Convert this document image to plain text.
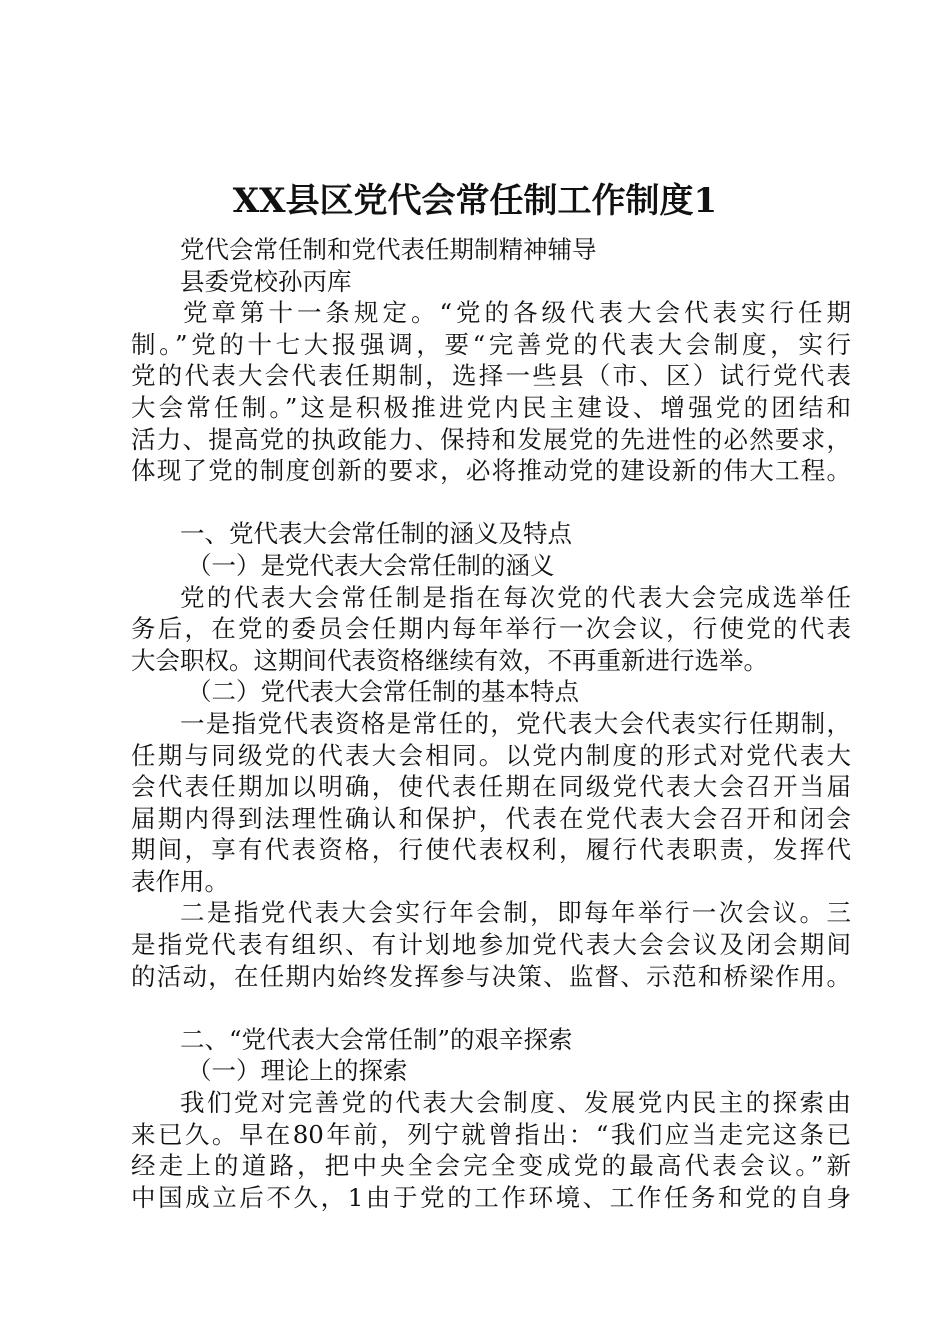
XX县区党代会常任制工作制度1
党代会常任制和党代表任期制精神辅导
县委党校孙丙库
党章第十一条规定。“党的各级代表大会代表实行任期
制。”党的十七大报强调，要“完善党的代表大会制度，实行
党的代表大会代表任期制，选择一些县（市、区）试行党代表
大会常任制。”这是积极推进党内民主建设、增强党的团结和
活力、提高党的执政能力、保持和发展党的先进性的必然要求，
体现了党的制度创新的要求，必将推动党的建设新的伟大工程。
一、党代表大会常任制的涵义及特点
（一）是党代表大会常任制的涵义
党的代表大会常任制是指在每次党的代表大会完成选举任
务后，在党的委员会任期内每年举行一次会议，行使党的代表
大会职权。这期间代表资格继续有效，不再重新进行选举。
（二）党代表大会常任制的基本特点
一是指党代表资格是常任的，党代表大会代表实行任期制，
任期与同级党的代表大会相同。以党内制度的形式对党代表大
会代表任期加以明确，使代表任期在同级党代表大会召开当届
届期内得到法理性确认和保护，代表在党代表大会召开和闭会
期间，享有代表资格，行使代表权利，履行代表职责，发挥代
表作用。
二是指党代表大会实行年会制，即每年举行一次会议。三
是指党代表有组织、有计划地参加党代表大会会议及闭会期间
的活动，在任期内始终发挥参与决策、监督、示范和桥梁作用。
二、“党代表大会常任制”的艰辛探索
（一）理论上的探索
我们党对完善党的代表大会制度、发展党内民主的探索由
来已久。早在80年前，列宁就曾指出：“我们应当走完这条已
经走上的道路，把中央全会完全变成党的最高代表会议。”新
中国成立后不久，1由于党的工作环境、工作任务和党的自身
